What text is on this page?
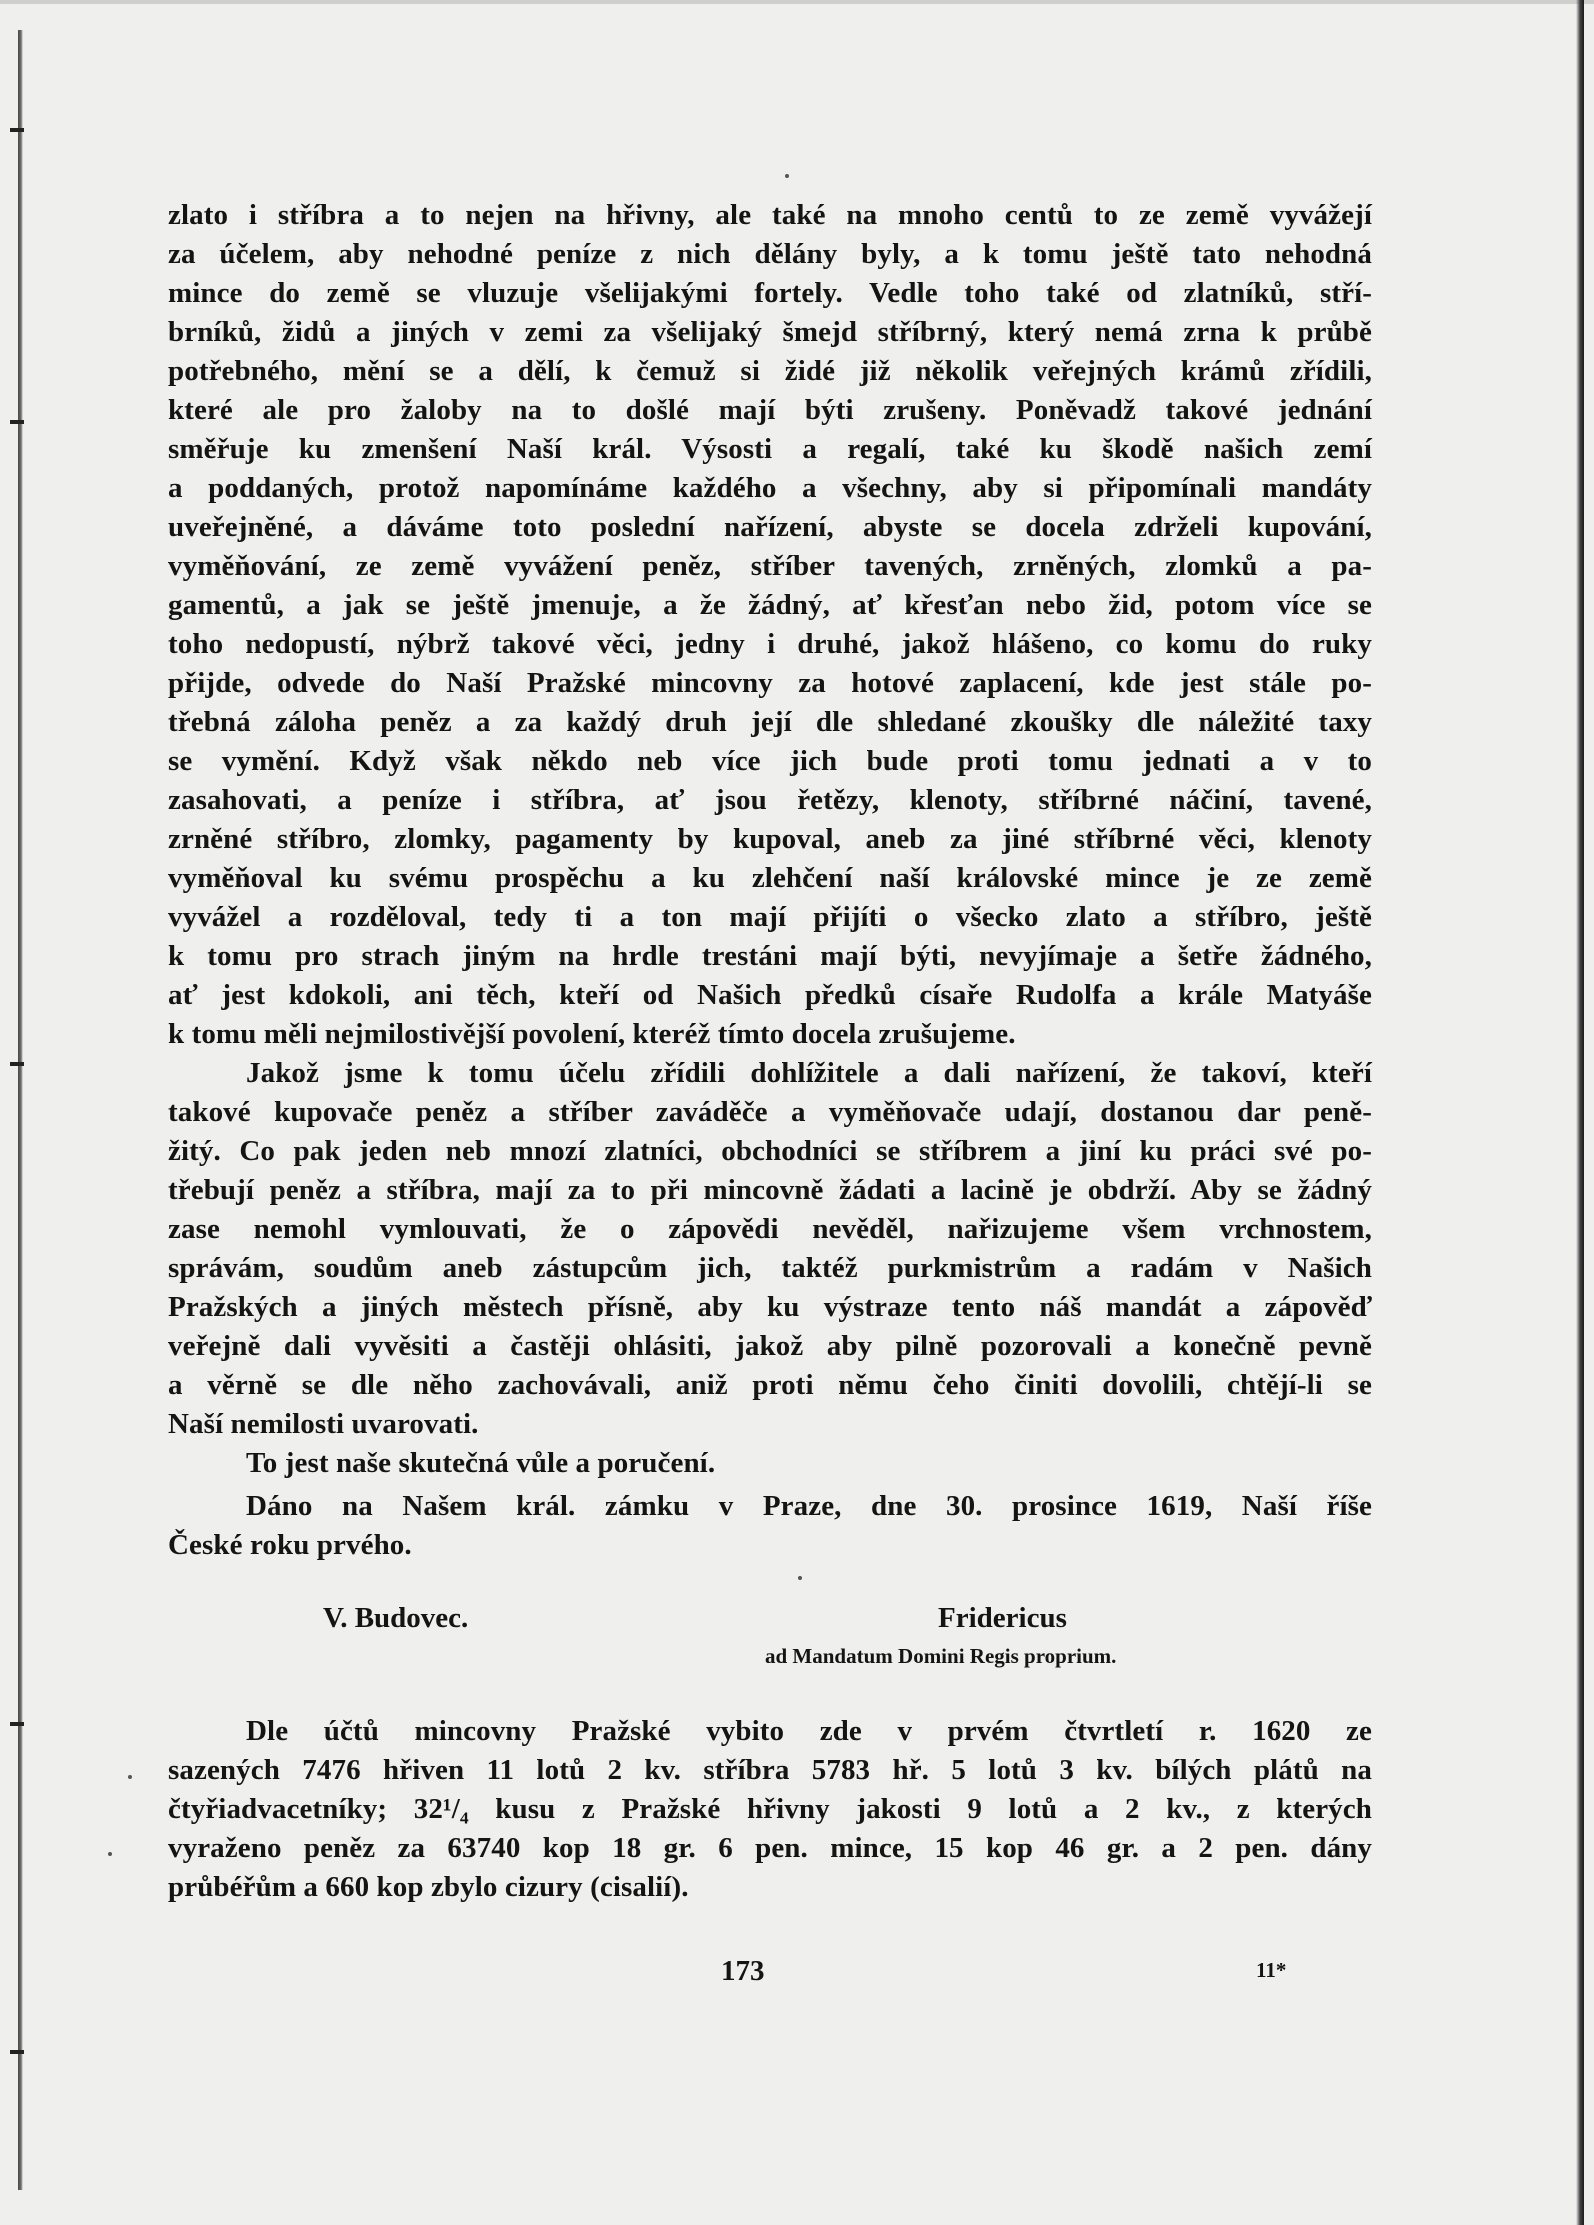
zlato i stříbra a to nejen na hřivny, ale také na mnoho centů to ze země vyvážejí
za účelem, aby nehodné peníze z nich dělány byly, a k tomu ještě tato nehodná
mince do země se vluzuje všelijakými fortely. Vedle toho také od zlatníků, stří-
brníků, židů a jiných v zemi za všelijaký šmejd stříbrný, který nemá zrna k průbě
potřebného, mění se a dělí, k čemuž si židé již několik veřejných krámů zřídili,
které ale pro žaloby na to došlé mají býti zrušeny. Poněvadž takové jednání
směřuje ku zmenšení Naší král. Výsosti a regalí, také ku škodě našich zemí
a poddaných, protož napomínáme každého a všechny, aby si připomínali mandáty
uveřejněné, a dáváme toto poslední nařízení, abyste se docela zdrželi kupování,
vyměňování, ze země vyvážení peněz, stříber tavených, zrněných, zlomků a pa-
gamentů, a jak se ještě jmenuje, a že žádný, ať křesťan nebo žid, potom více se
toho nedopustí, nýbrž takové věci, jedny i druhé, jakož hlášeno, co komu do ruky
přijde, odvede do Naší Pražské mincovny za hotové zaplacení, kde jest stále po-
třebná záloha peněz a za každý druh její dle shledané zkoušky dle náležité taxy
se vymění. Když však někdo neb více jich bude proti tomu jednati a v to
zasahovati, a peníze i stříbra, ať jsou řetězy, klenoty, stříbrné náčiní, tavené,
zrněné stříbro, zlomky, pagamenty by kupoval, aneb za jiné stříbrné věci, klenoty
vyměňoval ku svému prospěchu a ku zlehčení naší královské mince je ze země
vyvážel a rozděloval, tedy ti a ton mají přijíti o všecko zlato a stříbro, ještě
k tomu pro strach jiným na hrdle trestáni mají býti, nevyjímaje a šetře žádného,
ať jest kdokoli, ani těch, kteří od Našich předků císaře Rudolfa a krále Matyáše
k tomu měli nejmilostivější povolení, kteréž tímto docela zrušujeme.
Jakož jsme k tomu účelu zřídili dohlížitele a dali nařízení, že takoví, kteří
takové kupovače peněz a stříber zaváděče a vyměňovače udají, dostanou dar peně-
žitý. Co pak jeden neb mnozí zlatníci, obchodníci se stříbrem a jiní ku práci své po-
třebují peněz a stříbra, mají za to při mincovně žádati a lacině je obdrží. Aby se žádný
zase nemohl vymlouvati, že o zápovědi nevěděl, nařizujeme všem vrchnostem,
správám, soudům aneb zástupcům jich, taktéž purkmistrům a radám v Našich
Pražských a jiných městech přísně, aby ku výstraze tento náš mandát a zápověď
veřejně dali vyvěsiti a častěji ohlásiti, jakož aby pilně pozorovali a konečně pevně
a věrně se dle něho zachovávali, aniž proti němu čeho činiti dovolili, chtějí-li se
Naší nemilosti uvarovati.
To jest naše skutečná vůle a poručení.
Dáno na Našem král. zámku v Praze, dne 30. prosince 1619, Naší říše
České roku prvého.
V. Budovec.	Fridericus
ad Mandatum Domini Regis proprium.
Dle účtů mincovny Pražské vybito zde v prvém čtvrtletí r. 1620 ze
sazených 7476 hřiven 11 lotů 2 kv. stříbra 5783 hř. 5 lotů 3 kv. bílých plátů na
čtyřiadvacetníky; 32¹/₄ kusu z Pražské hřivny jakosti 9 lotů a 2 kv., z kterých
vyraženo peněz za 63740 kop 18 gr. 6 pen. mince, 15 kop 46 gr. a 2 pen. dány
průbéřům a 660 kop zbylo cizury (cisalií).
173	11*
